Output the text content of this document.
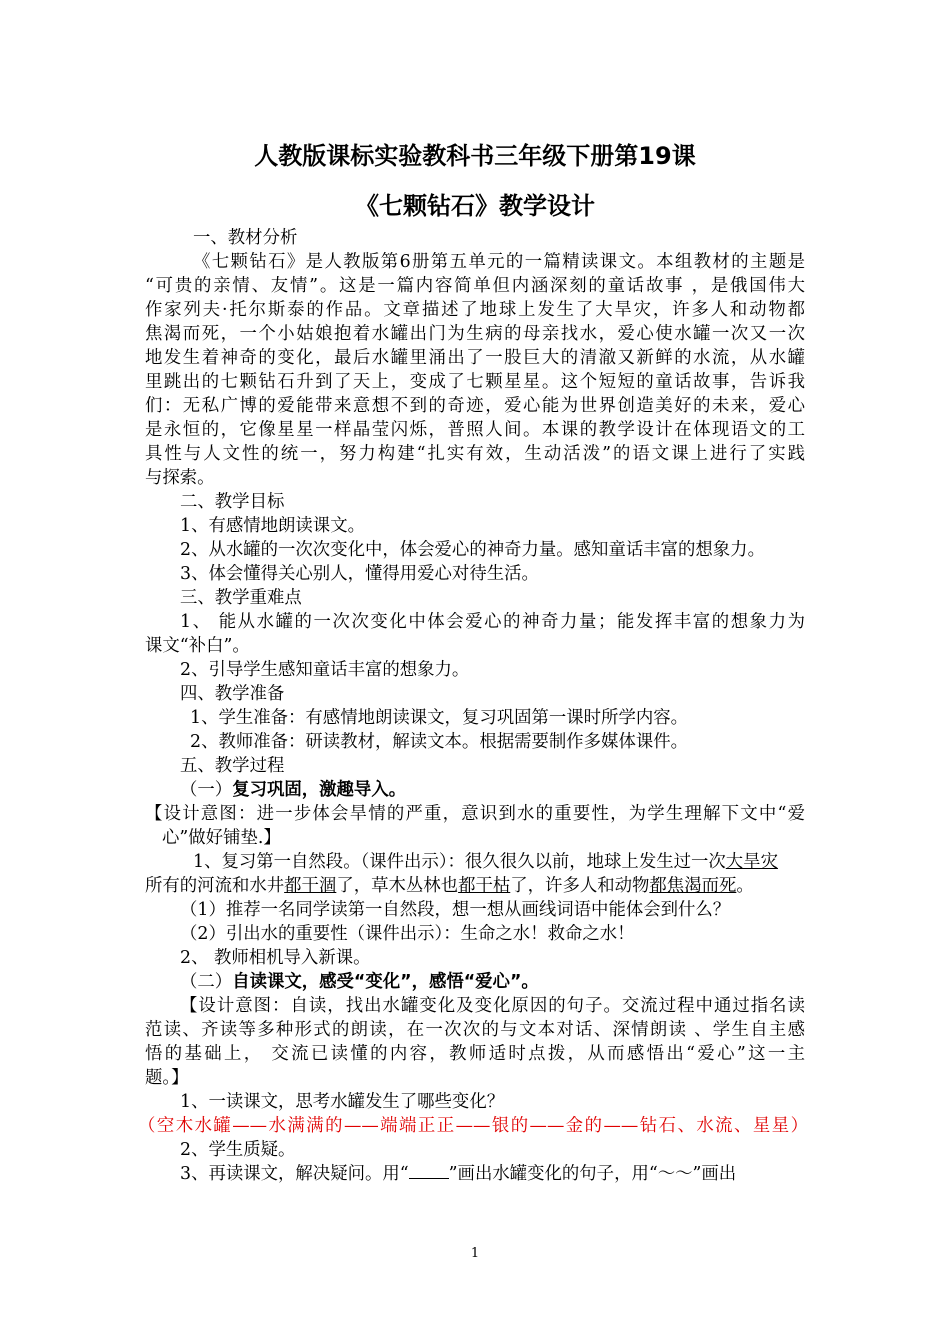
人教版课标实验教科书三年级下册第19课
《七颗钻石》教学设计
一、教材分析
《七颗钻石》是人教版第6册第五单元的一篇精读课文。本组教材的主题是
“可贵的亲情、友情”。这是一篇内容简单但内涵深刻的童话故事 ，是俄国伟大
作家列夫·托尔斯泰的作品。文章描述了地球上发生了大旱灾，许多人和动物都
焦渴而死，一个小姑娘抱着水罐出门为生病的母亲找水，爱心使水罐一次又一次
地发生着神奇的变化，最后水罐里涌出了一股巨大的清澈又新鲜的水流，从水罐
里跳出的七颗钻石升到了天上，变成了七颗星星。这个短短的童话故事，告诉我
们：无私广博的爱能带来意想不到的奇迹，爱心能为世界创造美好的未来，爱心
是永恒的，它像星星一样晶莹闪烁，普照人间。本课的教学设计在体现语文的工
具性与人文性的统一，努力构建“扎实有效，生动活泼”的语文课上进行了实践
与探索。
二、教学目标
1、有感情地朗读课文。
2、从水罐的一次次变化中，体会爱心的神奇力量。感知童话丰富的想象力。
3、体会懂得关心别人，懂得用爱心对待生活。
三、教学重难点
1、 能从水罐的一次次变化中体会爱心的神奇力量；能发挥丰富的想象力为
课文“补白”。
2、引导学生感知童话丰富的想象力。
四、教学准备
1、学生准备：有感情地朗读课文，复习巩固第一课时所学内容。
2、教师准备：研读教材，解读文本。根据需要制作多媒体课件。
五、教学过程
（一）复习巩固，激趣导入。
【设计意图：进一步体会旱情的严重，意识到水的重要性，为学生理解下文中“爱
心”做好铺垫.】
1、复习第一自然段。（课件出示）：很久很久以前，地球上发生过一次大旱灾
所有的河流和水井都干涸了，草木丛林也都干枯了，许多人和动物都焦渴而死。
（1）推荐一名同学读第一自然段，想一想从画线词语中能体会到什么？
（2）引出水的重要性（课件出示）：生命之水！救命之水！
2、 教师相机导入新课。
（二）自读课文，感受“变化”，感悟“爱心”。
【设计意图：自读，找出水罐变化及变化原因的句子。交流过程中通过指名读
范读、齐读等多种形式的朗读，在一次次的与文本对话、深情朗读 、学生自主感
悟的基础上， 交流已读懂的内容，教师适时点拨，从而感悟出“爱心”这一主
题。】
1、一读课文，思考水罐发生了哪些变化？
（空木水罐——水满满的——端端正正——银的——金的——钻石、水流、星星）
2、学生质疑。
3、再读课文，解决疑问。用“ ”画出水罐变化的句子，用“～～”画出
1
